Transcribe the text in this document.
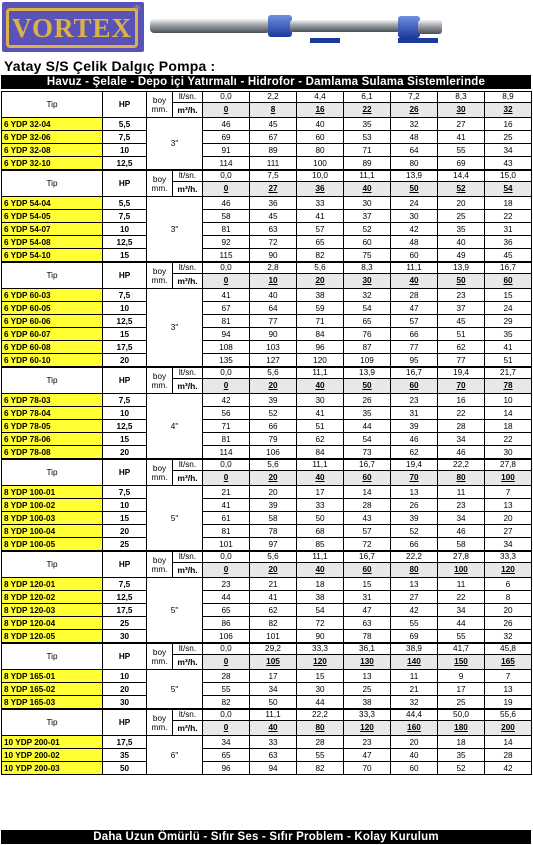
VORTEX
®
Yatay S/S Çelik Dalgıç Pompa :
Havuz - Şelale - Depo içi Yatırmalı - Hidrofor - Damlama Sulama Sistemlerinde
Tip	HP	boy mm.	lt/sn.	0,0	2,2	4,4	6,1	7,2	8,3	8,9
			m³/h.	0	8	16	22	26	30	32
6 YDP 32-04	5,5	3"		46	45	40	35	32	27	16
6 YDP 32-06	7,5			69	67	60	53	48	41	25
6 YDP 32-08	10			91	89	80	71	64	55	34
6 YDP 32-10	12,5			114	111	100	89	80	69	43
Tip	HP	boy mm.	lt/sn.	0,0	7,5	10,0	11,1	13,9	14,4	15,0
			m³/h.	0	27	36	40	50	52	54
6 YDP 54-04	5,5	3"		46	36	33	30	24	20	18
6 YDP 54-05	7,5			58	45	41	37	30	25	22
6 YDP 54-07	10			81	63	57	52	42	35	31
6 YDP 54-08	12,5			92	72	65	60	48	40	36
6 YDP 54-10	15			115	90	82	75	60	49	45
Tip	HP	boy mm.	lt/sn.	0,0	2,8	5,6	8,3	11,1	13,9	16,7
			m³/h.	0	10	20	30	40	50	60
6 YDP 60-03	7,5	3"		41	40	38	32	28	23	15
6 YDP 60-05	10			67	64	59	54	47	37	24
6 YDP 60-06	12,5			81	77	71	65	57	45	29
6 YDP 60-07	15			94	90	84	76	66	51	35
6 YDP 60-08	17,5			108	103	96	87	77	62	41
6 YDP 60-10	20			135	127	120	109	95	77	51
Tip	HP	boy mm.	lt/sn.	0,0	5,6	11,1	13,9	16,7	19,4	21,7
			m³/h.	0	20	40	50	60	70	78
6 YDP 78-03	7,5	4"		42	39	30	26	23	16	10
6 YDP 78-04	10			56	52	41	35	31	22	14
6 YDP 78-05	12,5			71	66	51	44	39	28	18
6 YDP 78-06	15			81	79	62	54	46	34	22
6 YDP 78-08	20			114	106	84	73	62	46	30
Tip	HP	boy mm.	lt/sn.	0,0	5,6	11,1	16,7	19,4	22,2	27,8
			m³/h.	0	20	40	60	70	80	100
8 YDP 100-01	7,5	5"		21	20	17	14	13	11	7
8 YDP 100-02	10			41	39	33	28	26	23	13
8 YDP 100-03	15			61	58	50	43	39	34	20
8 YDP 100-04	20			81	78	68	57	52	46	27
8 YDP 100-05	25			101	97	85	72	66	58	34
Tip	HP	boy mm.	lt/sn.	0,0	5,6	11,1	16,7	22,2	27,8	33,3
			m³/h.	0	20	40	60	80	100	120
8 YDP 120-01	7,5	5"		23	21	18	15	13	11	6
8 YDP 120-02	12,5			44	41	38	31	27	22	8
8 YDP 120-03	17,5			65	62	54	47	42	34	20
8 YDP 120-04	25			86	82	72	63	55	44	26
8 YDP 120-05	30			106	101	90	78	69	55	32
Tip	HP	boy mm.	lt/sn.	0,0	29,2	33,3	36,1	38,9	41,7	45,8
			m³/h.	0	105	120	130	140	150	165
8 YDP 165-01	10	5"		28	17	15	13	11	9	7
8 YDP 165-02	20			55	34	30	25	21	17	13
8 YDP 165-03	30			82	50	44	38	32	25	19
Tip	HP	boy mm.	lt/sn.	0,0	11,1	22,2	33,3	44,4	50,0	55,6
			m³/h.	0	40	80	120	160	180	200
10 YDP 200-01	17,5	6"		34	33	28	23	20	18	14
10 YDP 200-02	35			65	63	55	47	40	35	28
10 YDP 200-03	50			96	94	82	70	60	52	42
Daha Uzun Ömürlü - Sıfır Ses - Sıfır Problem - Kolay Kurulum
